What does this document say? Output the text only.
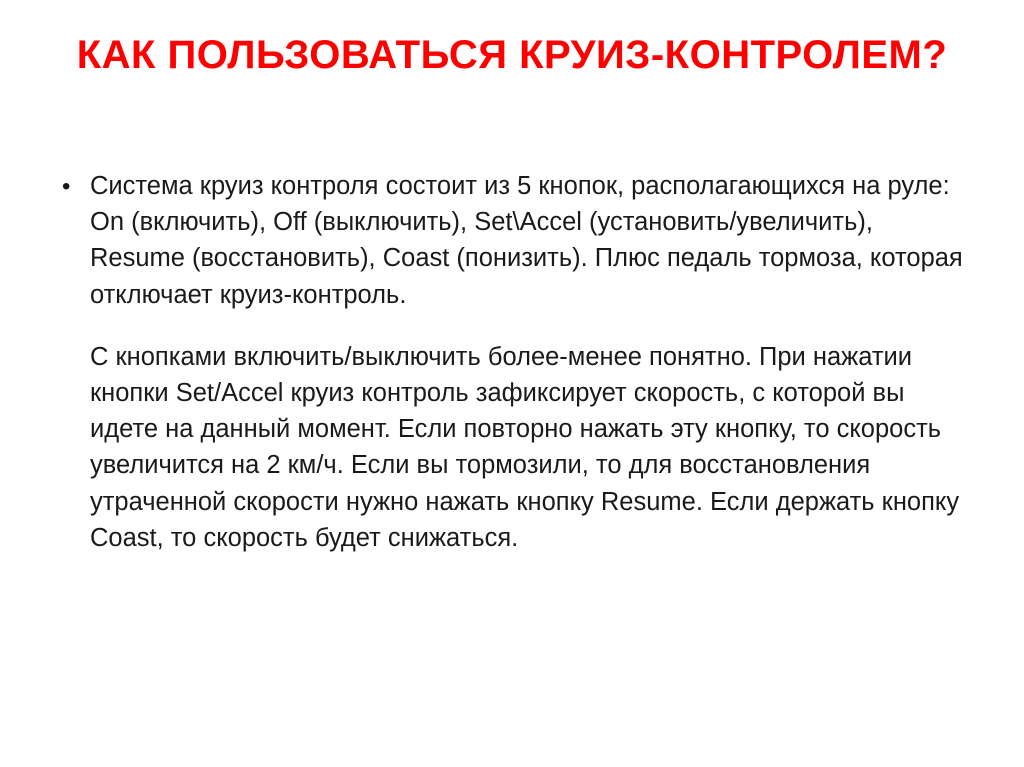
КАК ПОЛЬЗОВАТЬСЯ КРУИЗ-КОНТРОЛЕМ?
• Система круиз контроля состоит из 5 кнопок, располагающихся на руле: On (включить), Off (выключить), Set\Accel (установить/увеличить), Resume (восстановить), Coast (понизить). Плюс педаль тормоза, которая отключает круиз-контроль.

С кнопками включить/выключить более-менее понятно. При нажатии кнопки Set/Accel круиз контроль зафиксирует скорость, с которой вы идете на данный момент. Если повторно нажать эту кнопку, то скорость увеличится на 2 км/ч. Если вы тормозили, то для восстановления утраченной скорости нужно нажать кнопку Resume. Если держать кнопку Coast, то скорость будет снижаться.
